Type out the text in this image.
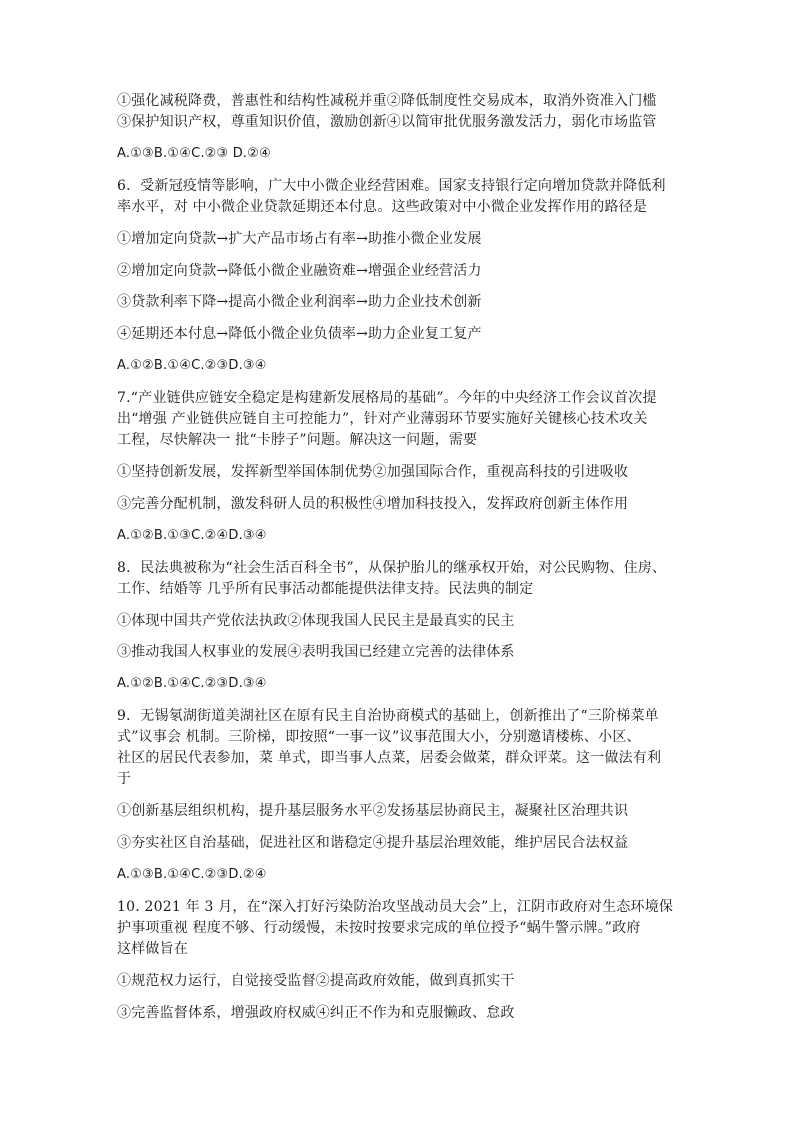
①强化减税降费，普惠性和结构性减税并重②降低制度性交易成本，取消外资准入门槛
③保护知识产权，尊重知识价值，激励创新④以简审批优服务激发活力，弱化市场监管
A.①③B.①④C.②③ D.②④
6．受新冠疫情等影响，广大中小微企业经营困难。国家支持银行定向增加贷款并降低利
率水平，对 中小微企业贷款延期还本付息。这些政策对中小微企业发挥作用的路径是
①增加定向贷款→扩大产品市场占有率→助推小微企业发展
②增加定向贷款→降低小微企业融资难→增强企业经营活力
③贷款利率下降→提高小微企业利润率→助力企业技术创新
④延期还本付息→降低小微企业负债率→助力企业复工复产
A.①②B.①④C.②③D.③④
7.“产业链供应链安全稳定是构建新发展格局的基础”。今年的中央经济工作会议首次提
出“增强 产业链供应链自主可控能力”，针对产业薄弱环节要实施好关键核心技术攻关
工程，尽快解决一 批“卡脖子”问题。解决这一问题，需要
①坚持创新发展，发挥新型举国体制优势②加强国际合作，重视高科技的引进吸收
③完善分配机制，激发科研人员的积极性④增加科技投入，发挥政府创新主体作用
A.①②B.①③C.②④D.③④
8．民法典被称为“社会生活百科全书”，从保护胎儿的继承权开始，对公民购物、住房、
工作、结婚等 几乎所有民事活动都能提供法律支持。民法典的制定
①体现中国共产党依法执政②体现我国人民民主是最真实的民主
③推动我国人权事业的发展④表明我国已经建立完善的法律体系
A.①②B.①④C.②③D.③④
9．无锡氡湖街道美湖社区在原有民主自治协商模式的基础上，创新推出了“三阶梯菜单
式”议事会 机制。三阶梯，即按照“一事一议”议事范围大小，分别邀请楼栋、小区、
社区的居民代表参加，菜 单式，即当事人点菜，居委会做菜，群众评菜。这一做法有利
于
①创新基层组织机构，提升基层服务水平②发扬基层协商民主，凝聚社区治理共识
③夯实社区自治基础，促进社区和谐稳定④提升基层治理效能，维护居民合法权益
A.①③B.①④C.②③D.②④
10. 2021 年 3 月，在“深入打好污染防治攻坚战动员大会”上，江阴市政府对生态环境保
护事项重视 程度不够、行动缓慢，未按时按要求完成的单位授予“蜗牛警示牌。”政府
这样做旨在
①规范权力运行，自觉接受监督②提高政府效能，做到真抓实干
③完善监督体系，增强政府权威④纠正不作为和克服懒政、怠政
